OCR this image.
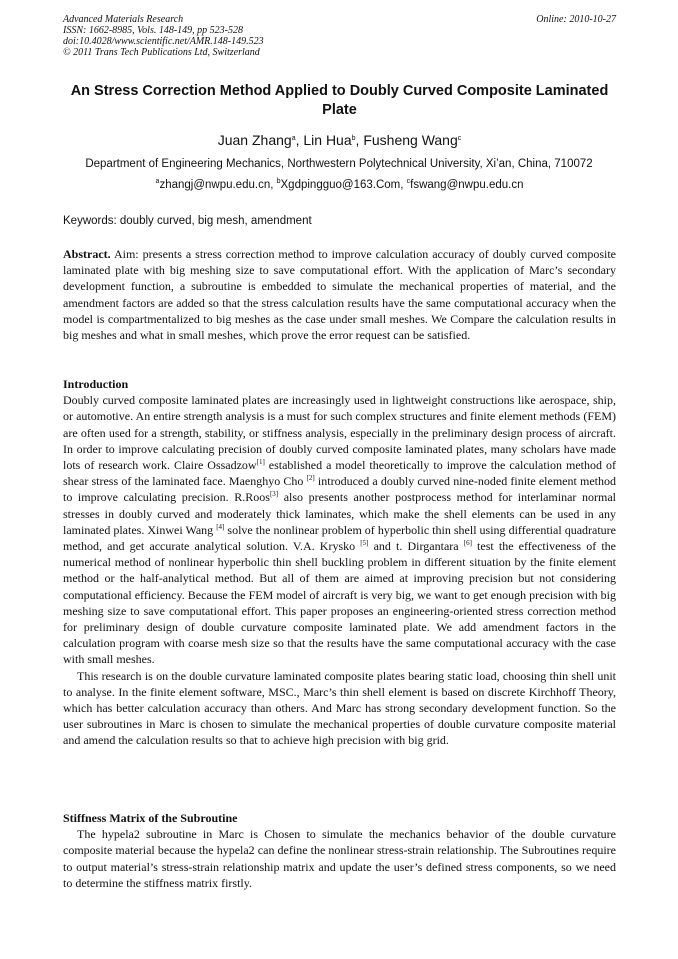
Advanced Materials Research
ISSN: 1662-8985, Vols. 148-149, pp 523-528
doi:10.4028/www.scientific.net/AMR.148-149.523
© 2011 Trans Tech Publications Ltd, Switzerland
Online: 2010-10-27
An Stress Correction Method Applied to Doubly Curved Composite Laminated Plate
Juan Zhang$^a$, Lin Hua$^b$, Fusheng Wang$^c$
Department of Engineering Mechanics, Northwestern Polytechnical University, Xi’an, China, 710072
$^a$zhangj@nwpu.edu.cn, $^b$Xgdpingguo@163.Com, $^c$fswang@nwpu.edu.cn
Keywords: doubly curved, big mesh, amendment

Abstract. Aim: presents a stress correction method to improve calculation accuracy of doubly curved composite laminated plate with big meshing size to save computational effort. With the application of Marc’s secondary development function, a subroutine is embedded to simulate the mechanical properties of material, and the amendment factors are added so that the stress calculation results have the same computational accuracy when the model is compartmentalized to big meshes as the case under small meshes. We Compare the calculation results in big meshes and what in small meshes, which prove the error request can be satisfied.

Introduction

Doubly curved composite laminated plates are increasingly used in lightweight constructions like aerospace, ship, or automotive. An entire strength analysis is a must for such complex structures and finite element methods (FEM) are often used for a strength, stability, or stiffness analysis, especially in the preliminary design process of aircraft. In order to improve calculating precision of doubly curved composite laminated plates, many scholars have made lots of research work. Claire Ossadzow[1] established a model theoretically to improve the calculation method of shear stress of the laminated face. Maenghyo Cho [2] introduced a doubly curved nine-noded finite element method to improve calculating precision. R.Roos[3] also presents another postprocess method for interlaminar normal stresses in doubly curved and moderately thick laminates, which make the shell elements can be used in any laminated plates. Xinwei Wang [4] solve the nonlinear problem of hyperbolic thin shell using differential quadrature method, and get accurate analytical solution. V.A. Krysko [5] and t. Dirgantara [6] test the effectiveness of the numerical method of nonlinear hyperbolic thin shell buckling problem in different situation by the finite element method or the half-analytical method. But all of them are aimed at improving precision but not considering computational efficiency. Because the FEM model of aircraft is very big, we want to get enough precision with big meshing size to save computational effort. This paper proposes an engineering-oriented stress correction method for preliminary design of double curvature composite laminated plate. We add amendment factors in the calculation program with coarse mesh size so that the results have the same computational accuracy with the case with small meshes.

This research is on the double curvature laminated composite plates bearing static load, choosing thin shell unit to analyse. In the finite element software, MSC., Marc’s thin shell element is based on discrete Kirchhoff Theory, which has better calculation accuracy than others. And Marc has strong secondary development function. So the user subroutines in Marc is chosen to simulate the mechanical properties of double curvature composite material and amend the calculation results so that to achieve high precision with big grid.

Stiffness Matrix of the Subroutine

The hypela2 subroutine in Marc is Chosen to simulate the mechanics behavior of the double curvature composite material because the hypela2 can define the nonlinear stress-strain relationship. The Subroutines require to output material’s stress-strain relationship matrix and update the user’s defined stress components, so we need to determine the stiffness matrix firstly.
